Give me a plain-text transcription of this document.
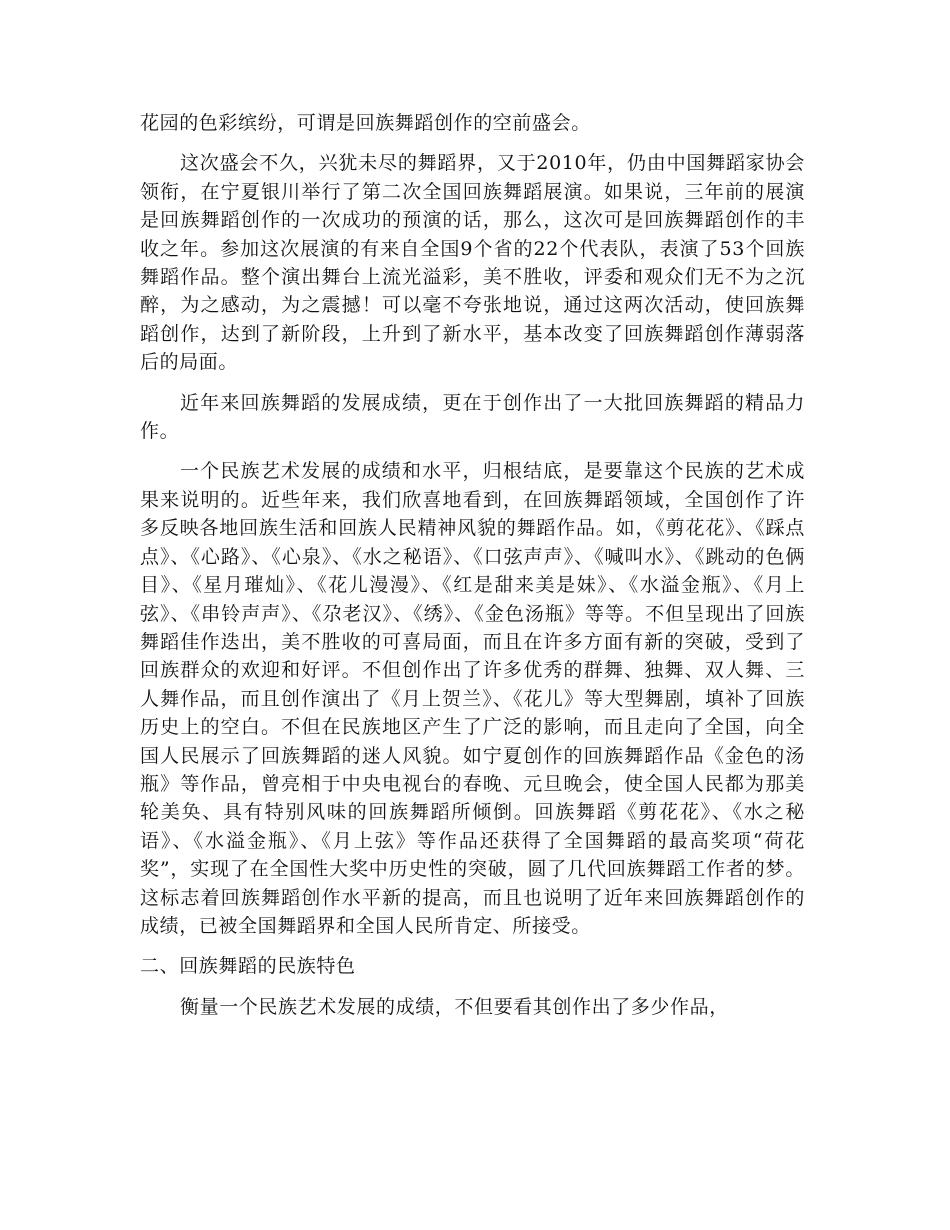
花园的色彩缤纷，可谓是回族舞蹈创作的空前盛会。

这次盛会不久，兴犹未尽的舞蹈界，又于2010年，仍由中国舞蹈家协会领衔，在宁夏银川举行了第二次全国回族舞蹈展演。如果说，三年前的展演是回族舞蹈创作的一次成功的预演的话，那么，这次可是回族舞蹈创作的丰收之年。参加这次展演的有来自全国9个省的22个代表队，表演了53个回族舞蹈作品。整个演出舞台上流光溢彩，美不胜收，评委和观众们无不为之沉醉，为之感动，为之震撼！可以毫不夸张地说，通过这两次活动，使回族舞蹈创作，达到了新阶段，上升到了新水平，基本改变了回族舞蹈创作薄弱落后的局面。

近年来回族舞蹈的发展成绩，更在于创作出了一大批回族舞蹈的精品力作。

一个民族艺术发展的成绩和水平，归根结底，是要靠这个民族的艺术成果来说明的。近些年来，我们欣喜地看到，在回族舞蹈领域，全国创作了许多反映各地回族生活和回族人民精神风貌的舞蹈作品。如，《剪花花》、《踩点点》、《心路》、《心泉》、《水之秘语》、《口弦声声》、《喊叫水》、《跳动的色俩目》、《星月璀灿》、《花儿漫漫》、《红是甜来美是妹》、《水溢金瓶》、《月上弦》、《串铃声声》、《尕老汉》、《绣》、《金色汤瓶》等等。不但呈现出了回族舞蹈佳作迭出，美不胜收的可喜局面，而且在许多方面有新的突破，受到了回族群众的欢迎和好评。不但创作出了许多优秀的群舞、独舞、双人舞、三人舞作品，而且创作演出了《月上贺兰》、《花儿》等大型舞剧，填补了回族历史上的空白。不但在民族地区产生了广泛的影响，而且走向了全国，向全国人民展示了回族舞蹈的迷人风貌。如宁夏创作的回族舞蹈作品《金色的汤瓶》等作品，曾亮相于中央电视台的春晚、元旦晚会，使全国人民都为那美轮美奂、具有特别风味的回族舞蹈所倾倒。回族舞蹈《剪花花》、《水之秘语》、《水溢金瓶》、《月上弦》等作品还获得了全国舞蹈的最高奖项“荷花奖”，实现了在全国性大奖中历史性的突破，圆了几代回族舞蹈工作者的梦。这标志着回族舞蹈创作水平新的提高，而且也说明了近年来回族舞蹈创作的成绩，已被全国舞蹈界和全国人民所肯定、所接受。

二、回族舞蹈的民族特色

衡量一个民族艺术发展的成绩，不但要看其创作出了多少作品，
